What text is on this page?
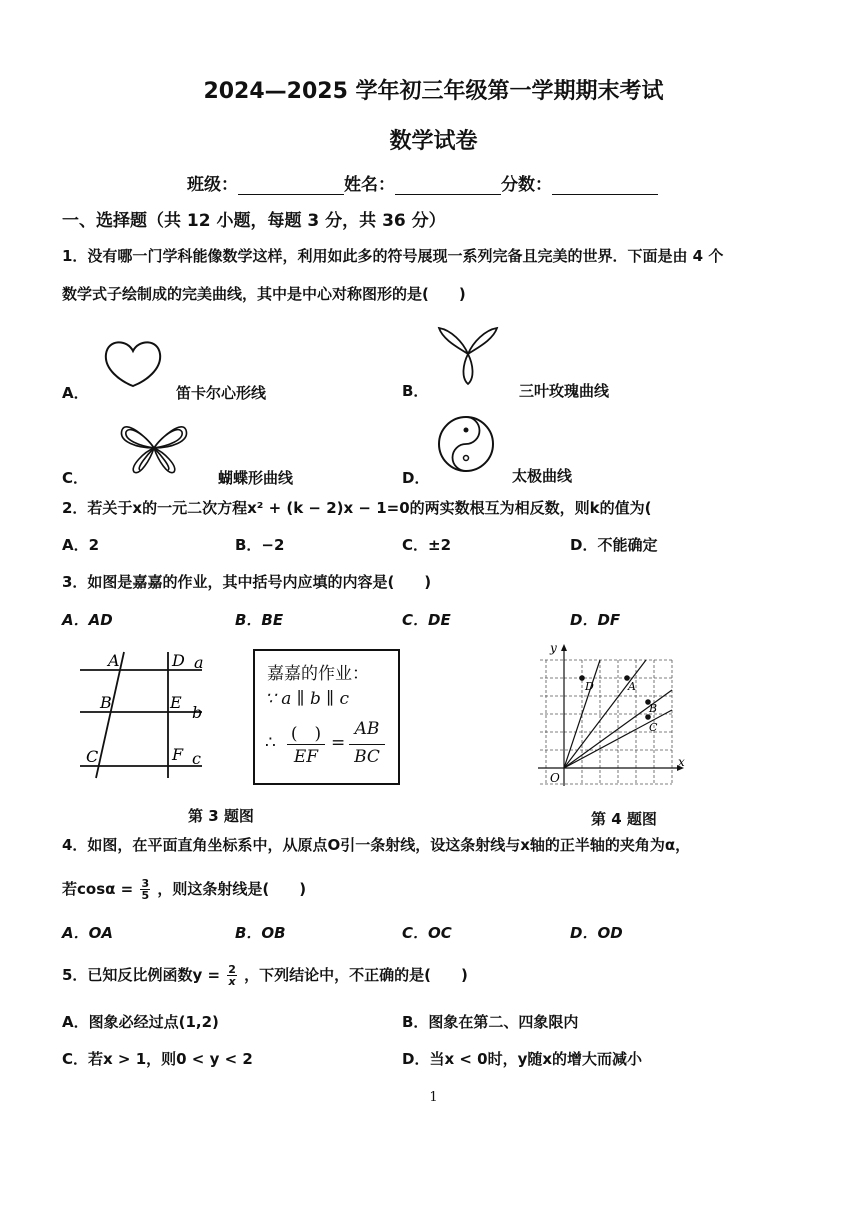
2024—2025 学年初三年级第一学期期末考试
数学试卷
班级：	姓名：	分数：
一、选择题（共 12 小题，每题 3 分，共 36 分）
1．没有哪一门学科能像数学这样，利用如此多的符号展现一系列完备且完美的世界．下面是由 4 个
数学式子绘制成的完美曲线，其中是中心对称图形的是(　　)
A．	笛卡尔心形线	B．	三叶玫瑰曲线
C．	蝴蝶形曲线	D．	太极曲线
2．若关于x的一元二次方程x² + (k − 2)x − 1=0的两实数根互为相反数，则k的值为(
A．2	B．−2	C．±2	D．不能确定
3．如图是嘉嘉的作业，其中括号内应填的内容是(　　)
A．AD	B．BE	C．DE	D．DF
A	D a
B	E
b
C	F c
嘉嘉的作业：
∵ a ∥ b ∥ c
∴ (　)
EF
=
AB
BC
第 3 题图
y
x
O
D	A
B
C
第 4 题图
4．如图，在平面直角坐标系中，从原点O引一条射线，设这条射线与x轴的正半轴的夹角为α，
若$\cos\alpha = \frac{3}{5}$ ，则这条射线是(　　)
A．OA	B．OB	C．OC	D．OD
5．已知反比例函数$y = \frac{2}{x}$ ，下列结论中，不正确的是(　　)
A．图象必经过点(1,2)	B．图象在第二、四象限内
C．若x > 1，则0 < y < 2	D．当x < 0时，y随x的增大而减小
1
